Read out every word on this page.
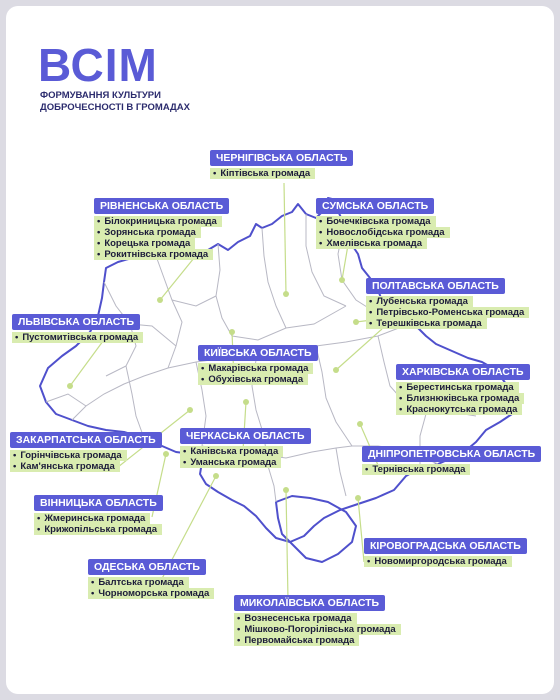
ВСІМ

ФОРМУВАННЯ КУЛЬТУРИ
ДОБРОЧЕСНОСТІ В ГРОМАДАХ

ЧЕРНІГІВСЬКА ОБЛАСТЬ
• Кіптівська громада
РІВНЕНСЬКА ОБЛАСТЬ
• Білокриницька громада
• Зорянська громада
• Корецька громада
• Рокитнівська громада
СУМСЬКА ОБЛАСТЬ
• Бочечківська громада
• Новослобідська громада
• Хмелівська громада
ПОЛТАВСЬКА ОБЛАСТЬ
• Лубенська громада
• Петрівсько-Роменська громада
• Терешківська громада
ЛЬВІВСЬКА ОБЛАСТЬ
• Пустомитівська громада
КИЇВСЬКА ОБЛАСТЬ
• Макарівська громада
• Обухівська громада
ХАРКІВСЬКА ОБЛАСТЬ
• Берестинська громада
• Близнюківська громада
• Краснокутська громада
ЗАКАРПАТСЬКА ОБЛАСТЬ
• Горінчівська громада
• Кам'янська громада
ЧЕРКАСЬКА ОБЛАСТЬ
• Канівська громада
• Уманська громада
ДНІПРОПЕТРОВСЬКА ОБЛАСТЬ
• Тернівська громада
ВІННИЦЬКА ОБЛАСТЬ
• Жмеринська громада
• Крижопільська громада
КІРОВОГРАДСЬКА ОБЛАСТЬ
• Новомиргородська громада
ОДЕСЬКА ОБЛАСТЬ
• Балтська громада
• Чорноморська громада
МИКОЛАЇВСЬКА ОБЛАСТЬ
• Вознесенська громада
• Мішково-Погорілівська громада
• Первомайська громада
